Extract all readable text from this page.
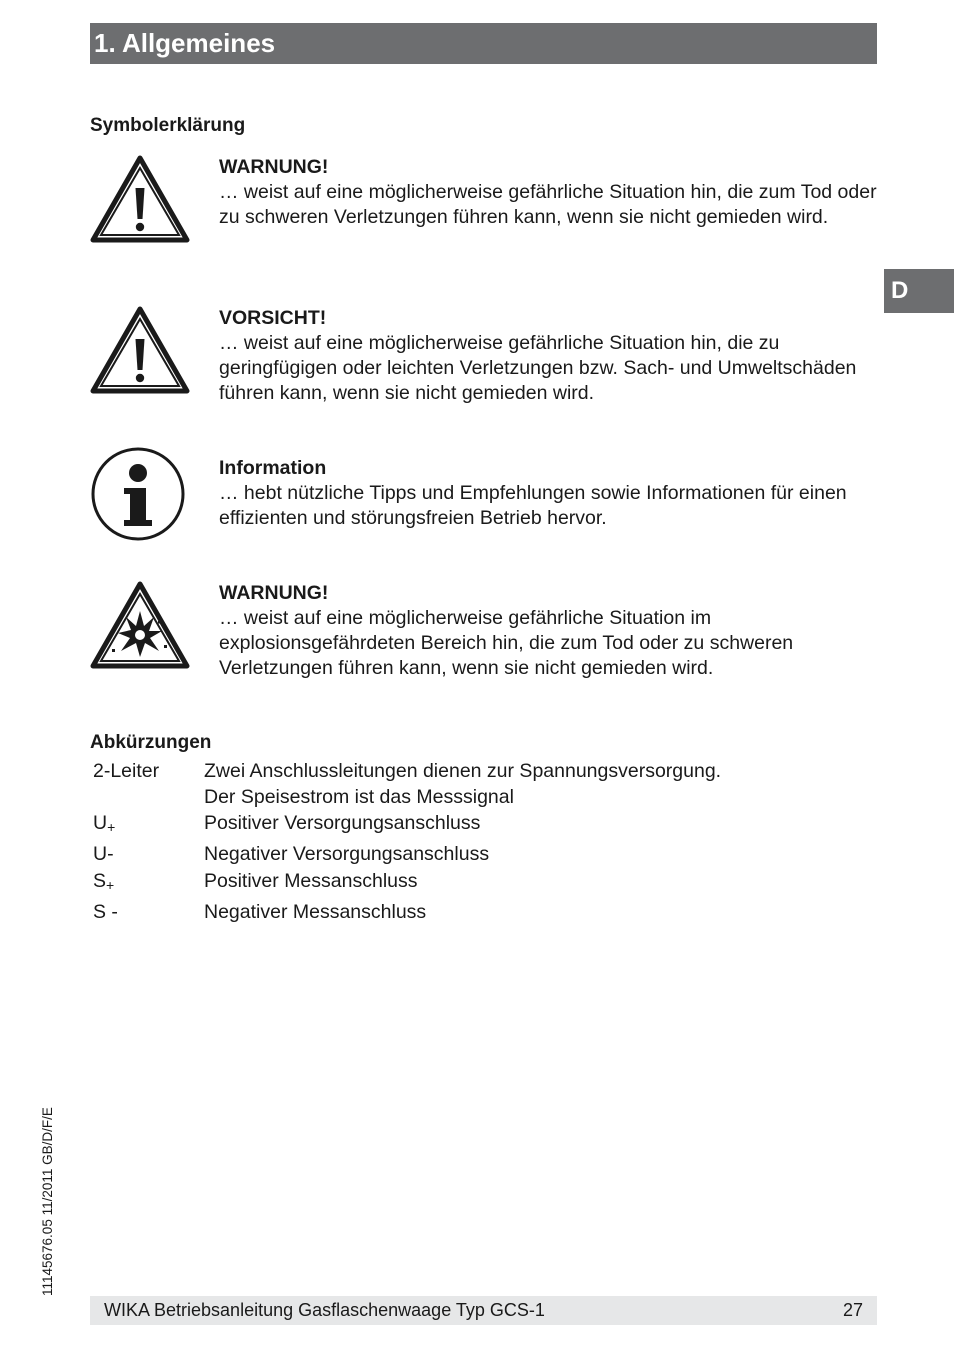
1. Allgemeines
D
Symbolerklärung
WARNUNG!
… weist auf eine möglicherweise gefährliche Situation hin, die zum Tod oder zu schweren Verletzungen führen kann, wenn sie nicht gemieden wird.
VORSICHT!
… weist auf eine möglicherweise gefährliche Situation hin, die zu geringfügigen oder leichten Verletzungen bzw. Sach- und Umweltschäden führen kann, wenn sie nicht gemieden wird.
Information
… hebt nützliche Tipps und Empfehlungen sowie Informationen für einen effizienten und störungsfreien Betrieb hervor.
WARNUNG!
… weist auf eine möglicherweise gefährliche Situation im explosionsgefährdeten Bereich hin, die zum Tod oder zu schweren Verletzungen führen kann, wenn sie nicht gemieden wird.
Abkürzungen
2-Leiter	Zwei Anschlussleitungen dienen zur Spannungsversorgung.
Der Speisestrom ist das Messsignal
$U_+$	Positiver Versorgungsanschluss
U-	Negativer Versorgungsanschluss
$S_+$	Positiver Messanschluss
S -	Negativer Messanschluss
11145676.05 11/2011 GB/D/F/E
WIKA Betriebsanleitung Gasflaschenwaage Typ GCS-1	27
